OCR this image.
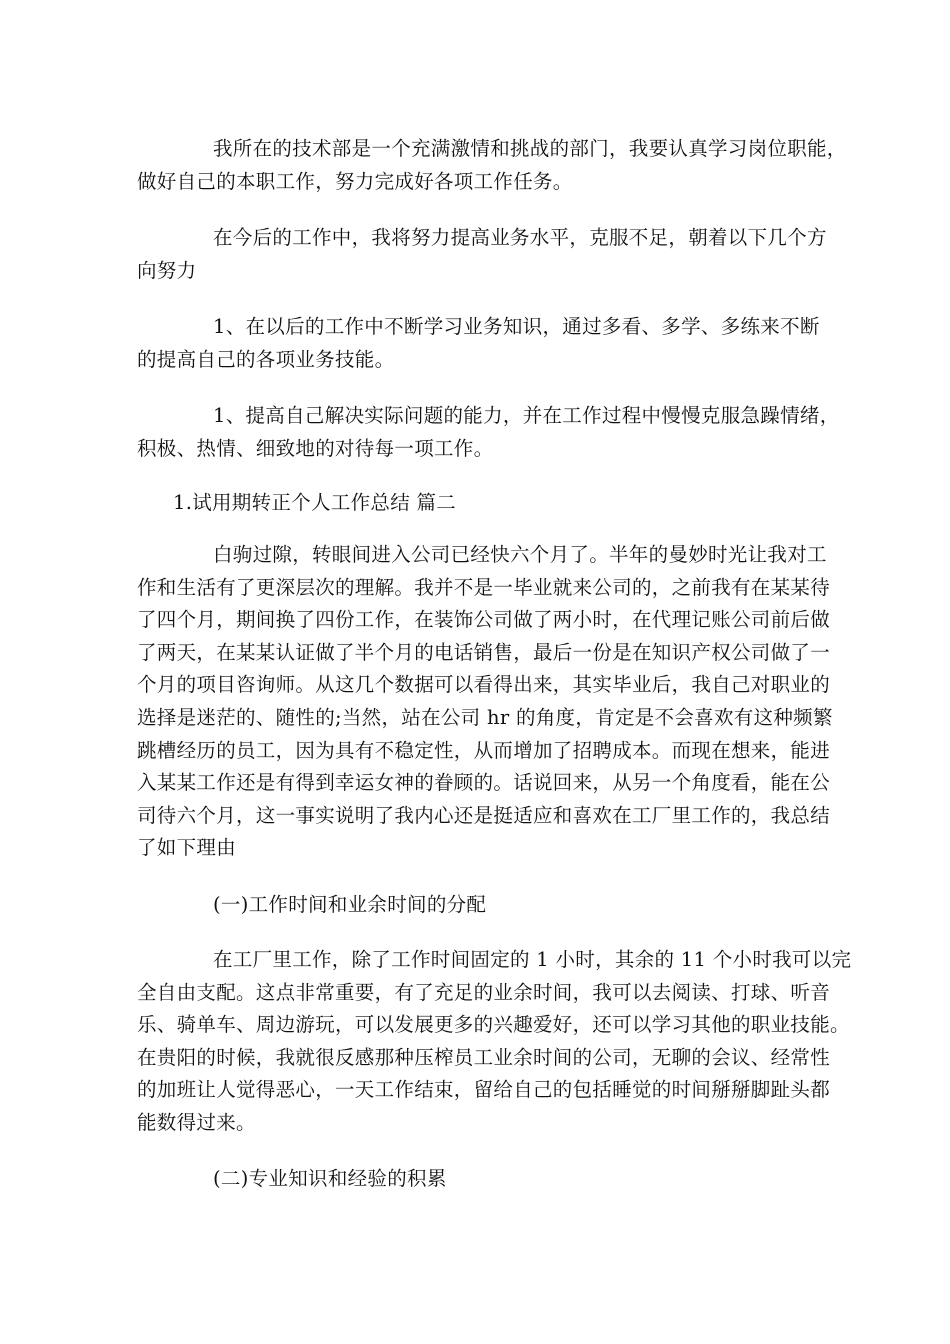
我所在的技术部是一个充满激情和挑战的部门，我要认真学习岗位职能，
做好自己的本职工作，努力完成好各项工作任务。

在今后的工作中，我将努力提高业务水平，克服不足，朝着以下几个方
向努力

1、在以后的工作中不断学习业务知识，通过多看、多学、多练来不断
的提高自己的各项业务技能。

1、提高自己解决实际问题的能力，并在工作过程中慢慢克服急躁情绪，
积极、热情、细致地的对待每一项工作。

1.试用期转正个人工作总结 篇二

白驹过隙，转眼间进入公司已经快六个月了。半年的曼妙时光让我对工
作和生活有了更深层次的理解。我并不是一毕业就来公司的，之前我有在某某待
了四个月，期间换了四份工作，在装饰公司做了两小时，在代理记账公司前后做
了两天，在某某认证做了半个月的电话销售，最后一份是在知识产权公司做了一
个月的项目咨询师。从这几个数据可以看得出来，其实毕业后，我自己对职业的
选择是迷茫的、随性的;当然，站在公司 hr 的角度，肯定是不会喜欢有这种频繁
跳槽经历的员工，因为具有不稳定性，从而增加了招聘成本。而现在想来，能进
入某某工作还是有得到幸运女神的眷顾的。话说回来，从另一个角度看，能在公
司待六个月，这一事实说明了我内心还是挺适应和喜欢在工厂里工作的，我总结
了如下理由

(一)工作时间和业余时间的分配

在工厂里工作，除了工作时间固定的 1 小时，其余的 11 个小时我可以完
全自由支配。这点非常重要，有了充足的业余时间，我可以去阅读、打球、听音
乐、骑单车、周边游玩，可以发展更多的兴趣爱好，还可以学习其他的职业技能。
在贵阳的时候，我就很反感那种压榨员工业余时间的公司，无聊的会议、经常性
的加班让人觉得恶心，一天工作结束，留给自己的包括睡觉的时间掰掰脚趾头都
能数得过来。

(二)专业知识和经验的积累
